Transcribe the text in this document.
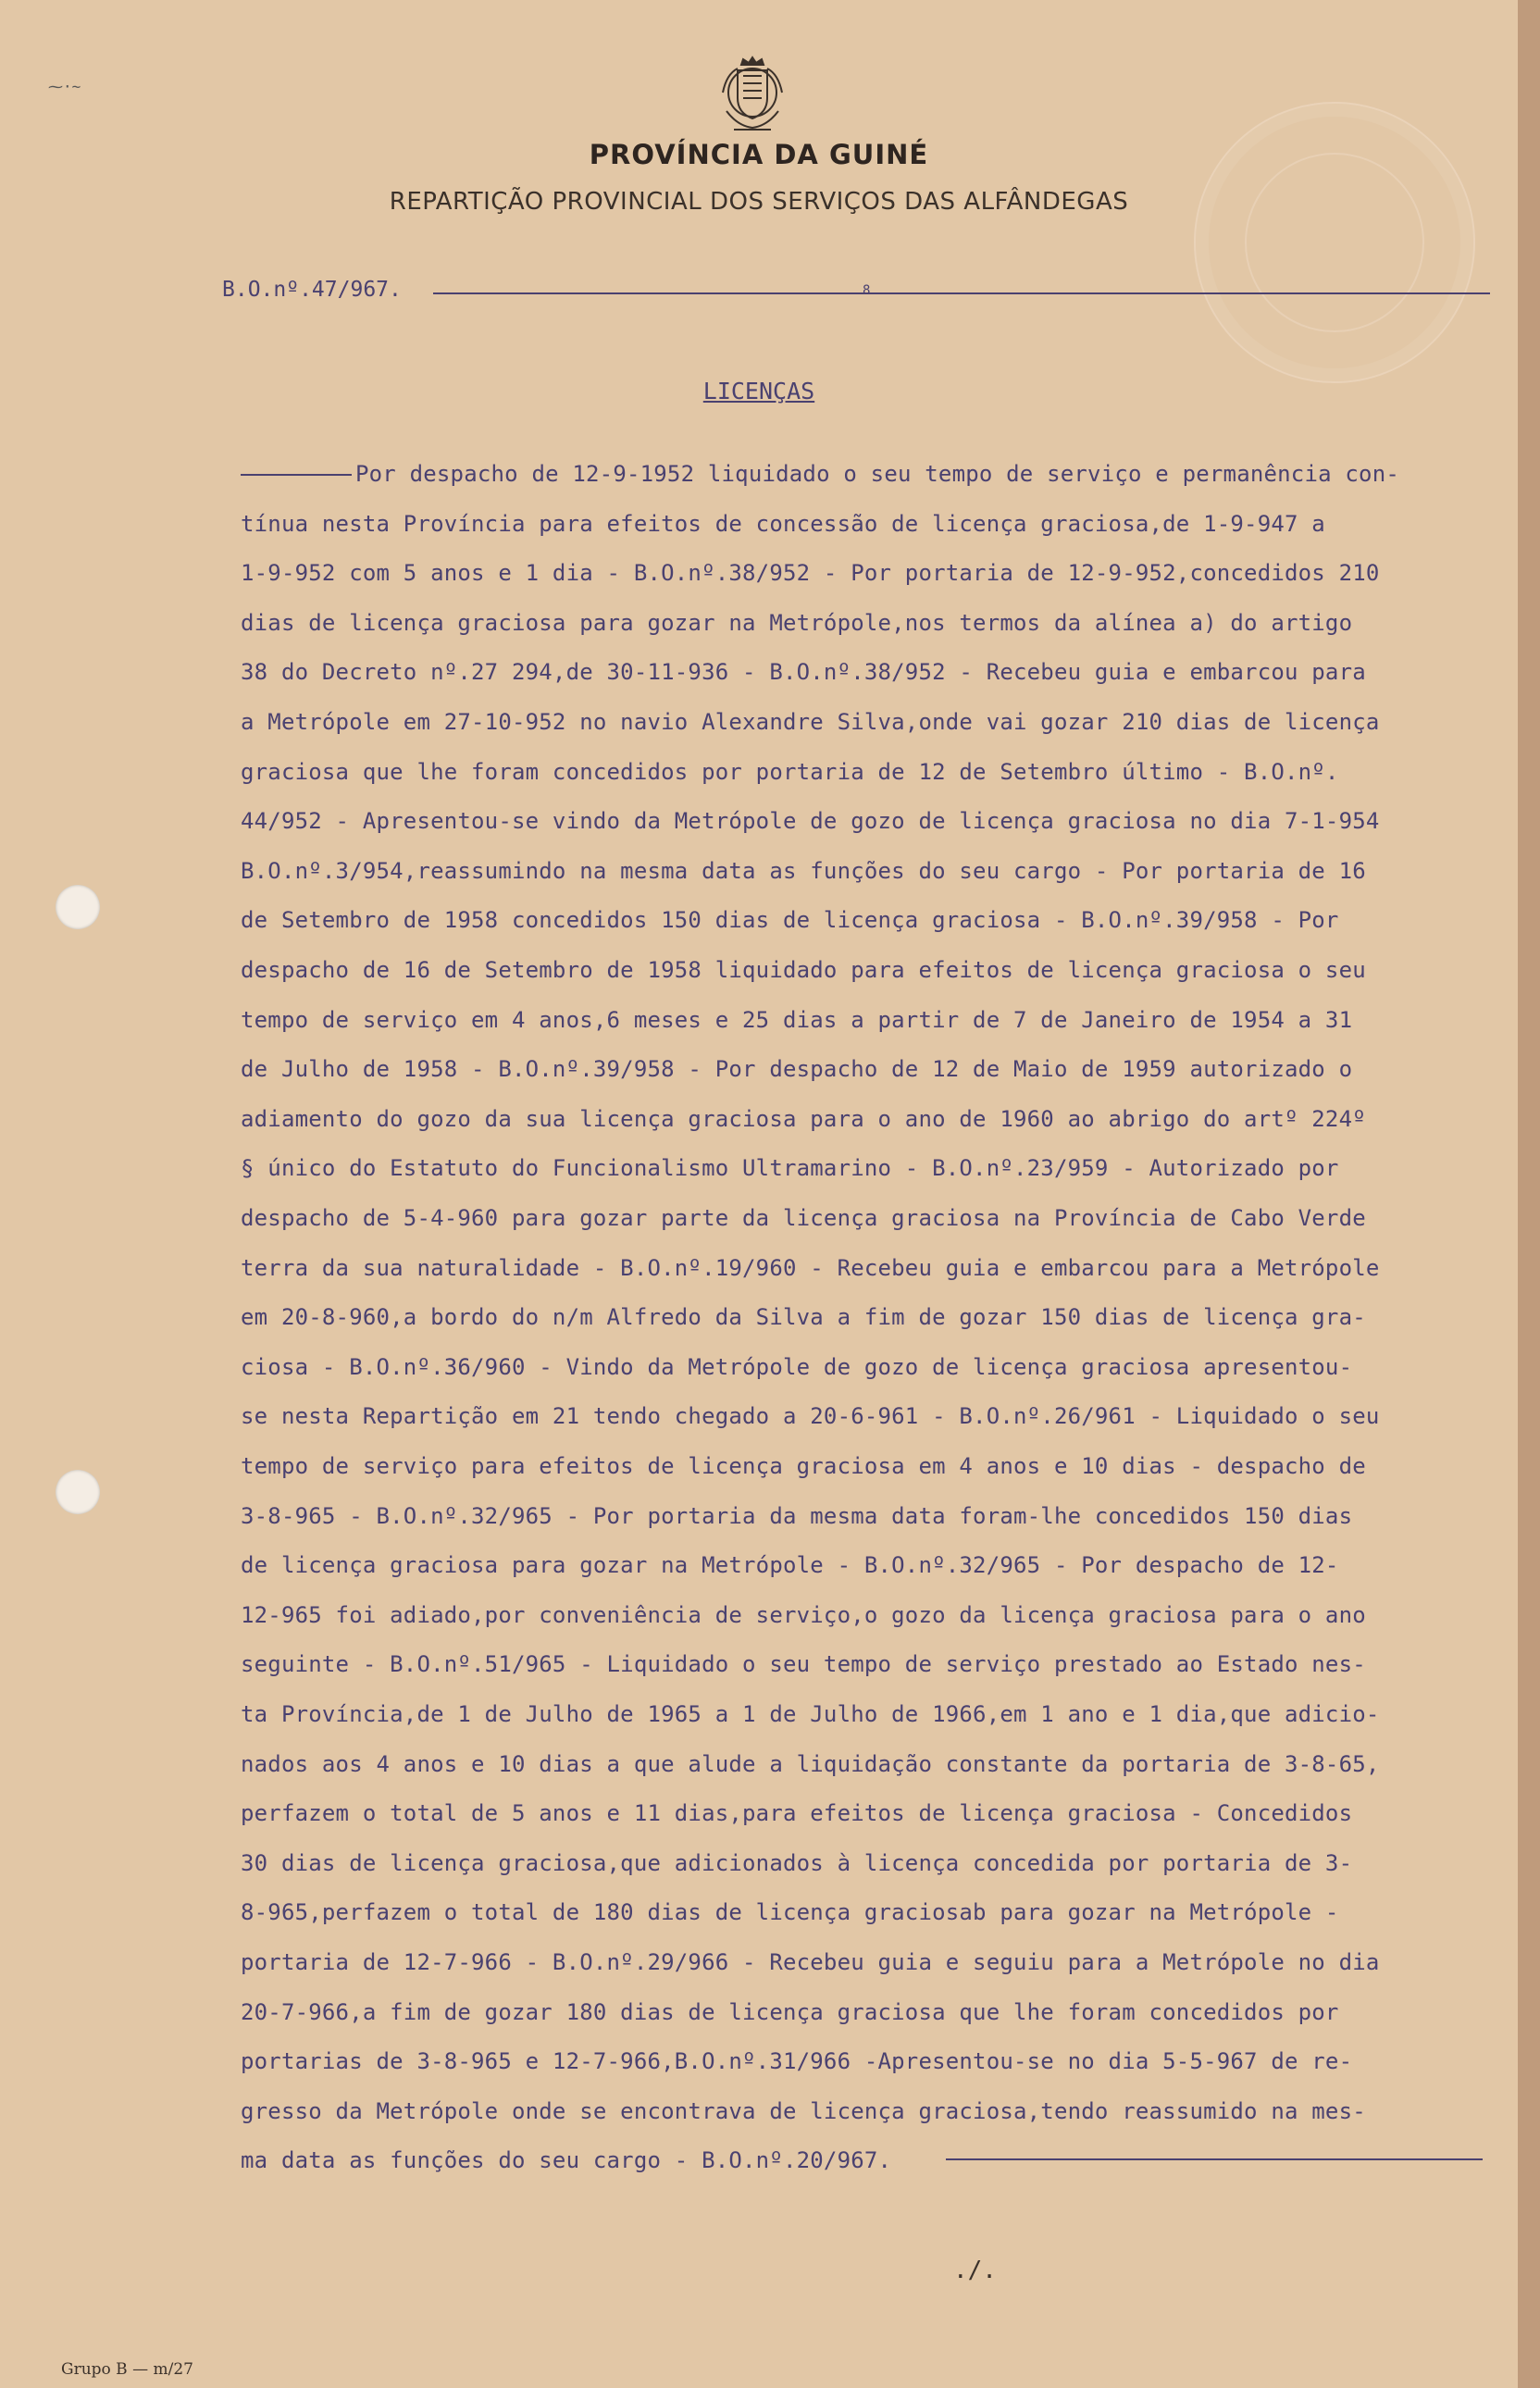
⁓·~
PROVÍNCIA DA GUINÉ
REPARTIÇÃO PROVINCIAL DOS SERVIÇOS DAS ALFÂNDEGAS
B.O.nº.47/967.	8
LICENÇAS
Por despacho de 12-9-1952 liquidado o seu tempo de serviço e permanência con-
tínua nesta Província para efeitos de concessão de licença graciosa,de 1-9-947 a
1-9-952 com 5 anos e 1 dia - B.O.nº.38/952 - Por portaria de 12-9-952,concedidos 210
dias de licença graciosa para gozar na Metrópole,nos termos da alínea a) do artigo
38 do Decreto nº.27 294,de 30-11-936 - B.O.nº.38/952 - Recebeu guia e embarcou para
a Metrópole em 27-10-952 no navio Alexandre Silva,onde vai gozar 210 dias de licença
graciosa que lhe foram concedidos por portaria de 12 de Setembro último - B.O.nº.
44/952 - Apresentou-se vindo da Metrópole de gozo de licença graciosa no dia 7-1-954
B.O.nº.3/954,reassumindo na mesma data as funções do seu cargo - Por portaria de 16
de Setembro de 1958 concedidos 150 dias de licença graciosa - B.O.nº.39/958 - Por
despacho de 16 de Setembro de 1958 liquidado para efeitos de licença graciosa o seu
tempo de serviço em 4 anos,6 meses e 25 dias a partir de 7 de Janeiro de 1954 a 31
de Julho de 1958 - B.O.nº.39/958 - Por despacho de 12 de Maio de 1959 autorizado o
adiamento do gozo da sua licença graciosa para o ano de 1960 ao abrigo do artº 224º
§ único do Estatuto do Funcionalismo Ultramarino - B.O.nº.23/959 - Autorizado por
despacho de 5-4-960 para gozar parte da licença graciosa na Província de Cabo Verde
terra da sua naturalidade - B.O.nº.19/960 - Recebeu guia e embarcou para a Metrópole
em 20-8-960,a bordo do n/m Alfredo da Silva a fim de gozar 150 dias de licença gra-
ciosa - B.O.nº.36/960 - Vindo da Metrópole de gozo de licença graciosa apresentou-
se nesta Repartição em 21 tendo chegado a 20-6-961 - B.O.nº.26/961 - Liquidado o seu
tempo de serviço para efeitos de licença graciosa em 4 anos e 10 dias - despacho de
3-8-965 - B.O.nº.32/965 - Por portaria da mesma data foram-lhe concedidos 150 dias
de licença graciosa para gozar na Metrópole - B.O.nº.32/965 - Por despacho de 12-
12-965 foi adiado,por conveniência de serviço,o gozo da licença graciosa para o ano
seguinte - B.O.nº.51/965 - Liquidado o seu tempo de serviço prestado ao Estado nes-
ta Província,de 1 de Julho de 1965 a 1 de Julho de 1966,em 1 ano e 1 dia,que adicio-
nados aos 4 anos e 10 dias a que alude a liquidação constante da portaria de 3-8-65,
perfazem o total de 5 anos e 11 dias,para efeitos de licença graciosa - Concedidos
30 dias de licença graciosa,que adicionados à licença concedida por portaria de 3-
8-965,perfazem o total de 180 dias de licença graciosab para gozar na Metrópole -
portaria de 12-7-966 - B.O.nº.29/966 - Recebeu guia e seguiu para a Metrópole no dia
20-7-966,a fim de gozar 180 dias de licença graciosa que lhe foram concedidos por
portarias de 3-8-965 e 12-7-966,B.O.nº.31/966 -Apresentou-se no dia 5-5-967 de re-
gresso da Metrópole onde se encontrava de licença graciosa,tendo reassumido na mes-
ma data as funções do seu cargo - B.O.nº.20/967.
./.
Grupo B — m/27
